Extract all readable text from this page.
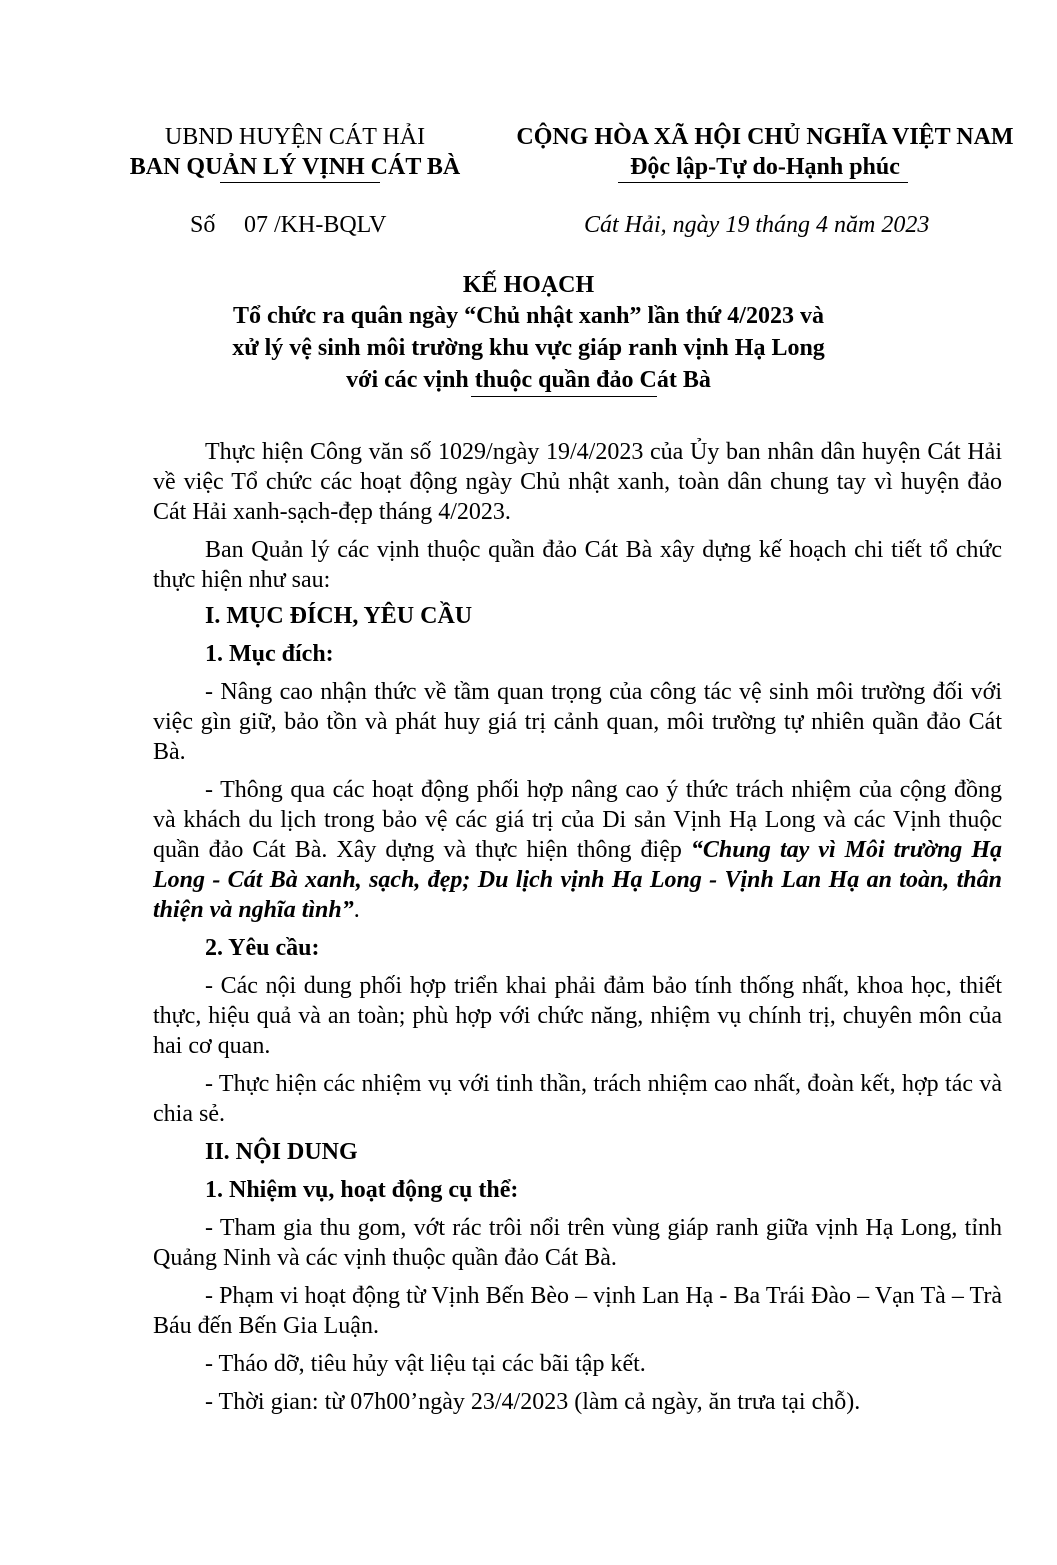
UBND HUYỆN CÁT HẢI
BAN QUẢN LÝ VỊNH CÁT BÀ
CỘNG HÒA XÃ HỘI CHỦ NGHĨA VIỆT NAM
Độc lập-Tự do-Hạnh phúc
Số 07 /KH-BQLV	Cát Hải, ngày 19 tháng 4 năm 2023
KẾ HOẠCH
Tổ chức ra quân ngày “Chủ nhật xanh” lần thứ 4/2023 và
xử lý vệ sinh môi trường khu vực giáp ranh vịnh Hạ Long
với các vịnh thuộc quần đảo Cát Bà

Thực hiện Công văn số 1029/ngày 19/4/2023 của Ủy ban nhân dân huyện Cát Hải về việc Tổ chức các hoạt động ngày Chủ nhật xanh, toàn dân chung tay vì huyện đảo Cát Hải xanh-sạch-đẹp tháng 4/2023.

Ban Quản lý các vịnh thuộc quần đảo Cát Bà xây dựng kế hoạch chi tiết tổ chức thực hiện như sau:

I. MỤC ĐÍCH, YÊU CẦU

1. Mục đích:

- Nâng cao nhận thức về tầm quan trọng của công tác vệ sinh môi trường đối với việc gìn giữ, bảo tồn và phát huy giá trị cảnh quan, môi trường tự nhiên quần đảo Cát Bà.

- Thông qua các hoạt động phối hợp nâng cao ý thức trách nhiệm của cộng đồng và khách du lịch trong bảo vệ các giá trị của Di sản Vịnh Hạ Long và các Vịnh thuộc quần đảo Cát Bà. Xây dựng và thực hiện thông điệp “Chung tay vì Môi trường Hạ Long - Cát Bà xanh, sạch, đẹp; Du lịch vịnh Hạ Long - Vịnh Lan Hạ an toàn, thân thiện và nghĩa tình”.

2. Yêu cầu:

- Các nội dung phối hợp triển khai phải đảm bảo tính thống nhất, khoa học, thiết thực, hiệu quả và an toàn; phù hợp với chức năng, nhiệm vụ chính trị, chuyên môn của hai cơ quan.

- Thực hiện các nhiệm vụ với tinh thần, trách nhiệm cao nhất, đoàn kết, hợp tác và chia sẻ.

II. NỘI DUNG

1. Nhiệm vụ, hoạt động cụ thể:

- Tham gia thu gom, vớt rác trôi nổi trên vùng giáp ranh giữa vịnh Hạ Long, tỉnh Quảng Ninh và các vịnh thuộc quần đảo Cát Bà.

- Phạm vi hoạt động từ Vịnh Bến Bèo – vịnh Lan Hạ - Ba Trái Đào – Vạn Tà – Trà Báu đến Bến Gia Luận.

- Tháo dỡ, tiêu hủy vật liệu tại các bãi tập kết.

- Thời gian: từ 07h00’ngày 23/4/2023 (làm cả ngày, ăn trưa tại chỗ).
